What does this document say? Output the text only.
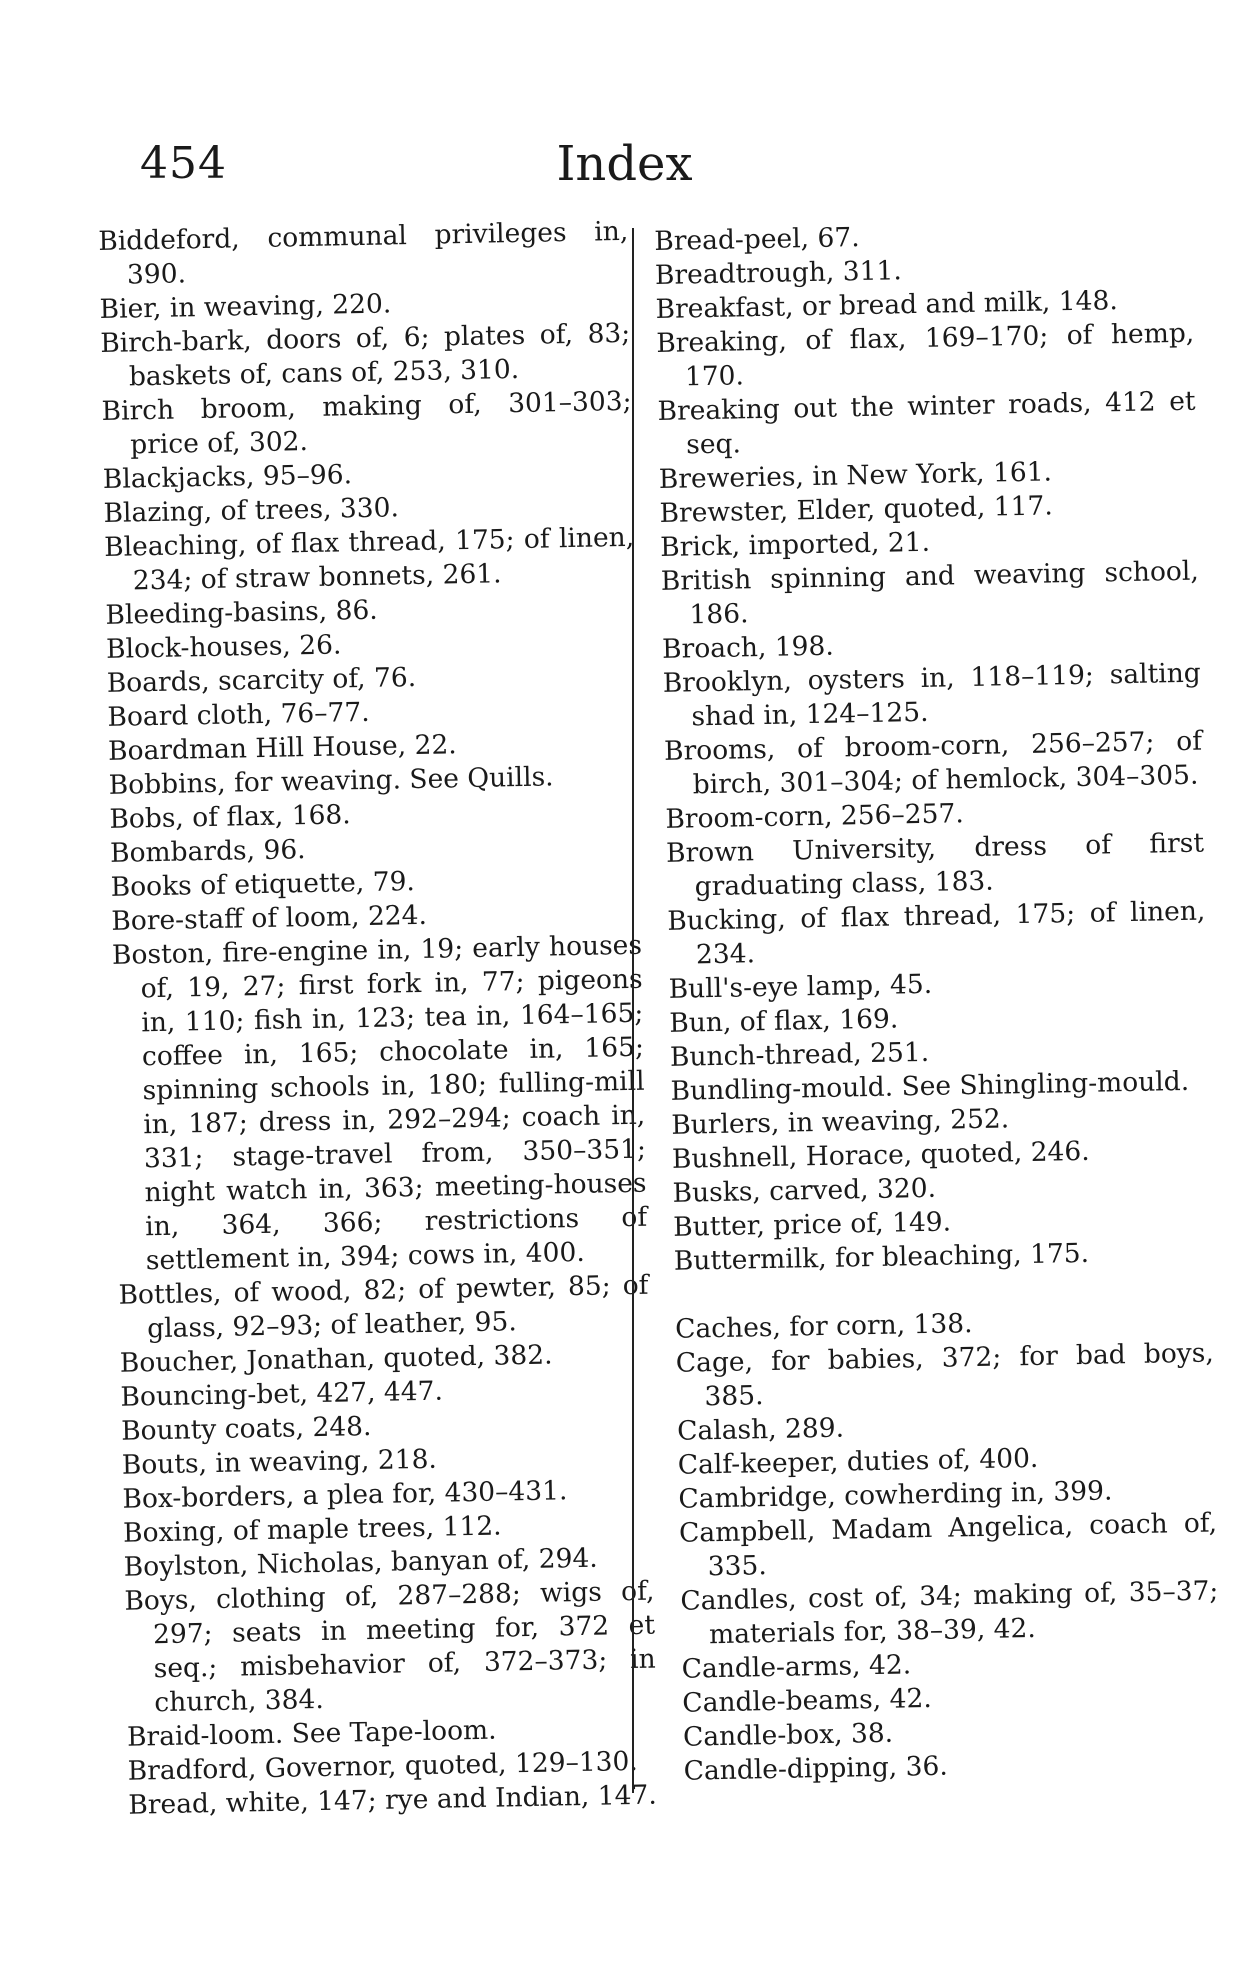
454	Index

Biddeford, communal privileges in, 390.

Bier, in weaving, 220.

Birch-bark, doors of, 6; plates of, 83; baskets of, cans of, 253, 310.

Birch broom, making of, 301–303; price of, 302.

Blackjacks, 95–96.

Blazing, of trees, 330.

Bleaching, of flax thread, 175; of linen, 234; of straw bonnets, 261.

Bleeding-basins, 86.

Block-houses, 26.

Boards, scarcity of, 76.

Board cloth, 76–77.

Boardman Hill House, 22.

Bobbins, for weaving. See Quills.

Bobs, of flax, 168.

Bombards, 96.

Books of etiquette, 79.

Bore-staff of loom, 224.

Boston, fire-engine in, 19; early houses of, 19, 27; first fork in, 77; pigeons in, 110; fish in, 123; tea in, 164–165; coffee in, 165; chocolate in, 165; spinning schools in, 180; fulling-mill in, 187; dress in, 292–294; coach in, 331; stage-travel from, 350–351; night watch in, 363; meeting-houses in, 364, 366; restrictions of settlement in, 394; cows in, 400.

Bottles, of wood, 82; of pewter, 85; of glass, 92–93; of leather, 95.

Boucher, Jonathan, quoted, 382.

Bouncing-bet, 427, 447.

Bounty coats, 248.

Bouts, in weaving, 218.

Box-borders, a plea for, 430–431.

Boxing, of maple trees, 112.

Boylston, Nicholas, banyan of, 294.

Boys, clothing of, 287–288; wigs of, 297; seats in meeting for, 372 et seq.; misbehavior of, 372–373; in church, 384.

Braid-loom. See Tape-loom.

Bradford, Governor, quoted, 129–130.

Bread, white, 147; rye and Indian, 147.

Bread-peel, 67.

Breadtrough, 311.

Breakfast, or bread and milk, 148.

Breaking, of flax, 169–170; of hemp, 170.

Breaking out the winter roads, 412 et seq.

Breweries, in New York, 161.

Brewster, Elder, quoted, 117.

Brick, imported, 21.

British spinning and weaving school, 186.

Broach, 198.

Brooklyn, oysters in, 118–119; salting shad in, 124–125.

Brooms, of broom-corn, 256–257; of birch, 301–304; of hemlock, 304–305.

Broom-corn, 256–257.

Brown University, dress of first graduating class, 183.

Bucking, of flax thread, 175; of linen, 234.

Bull's-eye lamp, 45.

Bun, of flax, 169.

Bunch-thread, 251.

Bundling-mould. See Shingling-mould.

Burlers, in weaving, 252.

Bushnell, Horace, quoted, 246.

Busks, carved, 320.

Butter, price of, 149.

Buttermilk, for bleaching, 175.

Caches, for corn, 138.

Cage, for babies, 372; for bad boys, 385.

Calash, 289.

Calf-keeper, duties of, 400.

Cambridge, cowherding in, 399.

Campbell, Madam Angelica, coach of, 335.

Candles, cost of, 34; making of, 35–37; materials for, 38–39, 42.

Candle-arms, 42.

Candle-beams, 42.

Candle-box, 38.

Candle-dipping, 36.
